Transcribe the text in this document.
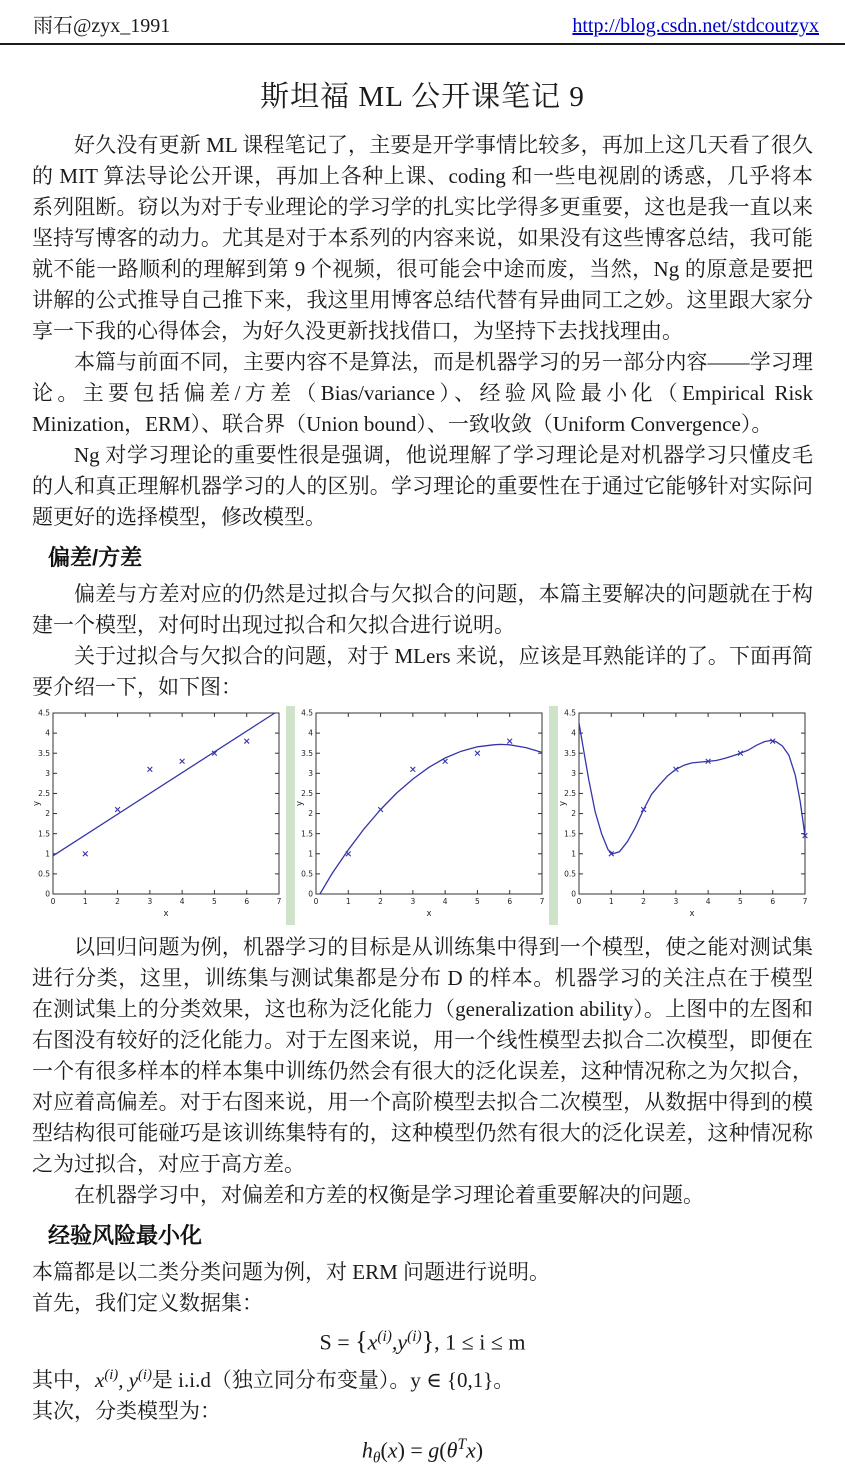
雨石@zyx_1991	http://blog.csdn.net/stdcoutzyx
斯坦福 ML 公开课笔记 9

好久没有更新 ML 课程笔记了，主要是开学事情比较多，再加上这几天看了很久的 MIT 算法导论公开课，再加上各种上课、coding 和一些电视剧的诱惑，几乎将本系列阻断。窃以为对于专业理论的学习学的扎实比学得多更重要，这也是我一直以来坚持写博客的动力。尤其是对于本系列的内容来说，如果没有这些博客总结，我可能就不能一路顺利的理解到第 9 个视频，很可能会中途而废，当然，Ng 的原意是要把讲解的公式推导自己推下来，我这里用博客总结代替有异曲同工之妙。这里跟大家分享一下我的心得体会，为好久没更新找找借口，为坚持下去找找理由。

本篇与前面不同，主要内容不是算法，而是机器学习的另一部分内容——学习理论。主要包括偏差/方差（Bias/variance）、经验风险最小化（Empirical Risk Minization，ERM）、联合界（Union bound）、一致收敛（Uniform Convergence）。

Ng 对学习理论的重要性很是强调，他说理解了学习理论是对机器学习只懂皮毛的人和真正理解机器学习的人的区别。学习理论的重要性在于通过它能够针对实际问题更好的选择模型，修改模型。

偏差/方差

偏差与方差对应的仍然是过拟合与欠拟合的问题，本篇主要解决的问题就在于构建一个模型，对何时出现过拟合和欠拟合进行说明。

关于过拟合与欠拟合的问题，对于 MLers 来说，应该是耳熟能详的了。下面再简要介绍一下，如下图：

0	1	2	3	4	5	6	7
0
0.5
1
1.5
2
2.5
3
3.5
4
4.5
x
y
0	1	2	3	4	5	6	7
0
0.5
1
1.5
2
2.5
3
3.5
4
4.5
x
y
0	1	2	3	4	5	6	7
0
0.5
1
1.5
2
2.5
3
3.5
4
4.5
x
y

以回归问题为例，机器学习的目标是从训练集中得到一个模型，使之能对测试集进行分类，这里，训练集与测试集都是分布 D 的样本。机器学习的关注点在于模型在测试集上的分类效果，这也称为泛化能力（generalization ability）。上图中的左图和右图没有较好的泛化能力。对于左图来说，用一个线性模型去拟合二次模型，即便在一个有很多样本的样本集中训练仍然会有很大的泛化误差，这种情况称之为欠拟合，对应着高偏差。对于右图来说，用一个高阶模型去拟合二次模型，从数据中得到的模型结构很可能碰巧是该训练集特有的，这种模型仍然有很大的泛化误差，这种情况称之为过拟合，对应于高方差。

在机器学习中，对偏差和方差的权衡是学习理论着重要解决的问题。

经验风险最小化

本篇都是以二类分类问题为例，对 ERM 问题进行说明。

首先，我们定义数据集：

$S = \{x^{(i)},y^{(i)}\}$, 1 ≤ i ≤ m

其中，$x^{(i)}$, $y^{(i)}$是 i.i.d（独立同分布变量）。y ∈ {0,1}。

其次，分类模型为：

$h_\theta(x) = g(\theta^Tx)$
